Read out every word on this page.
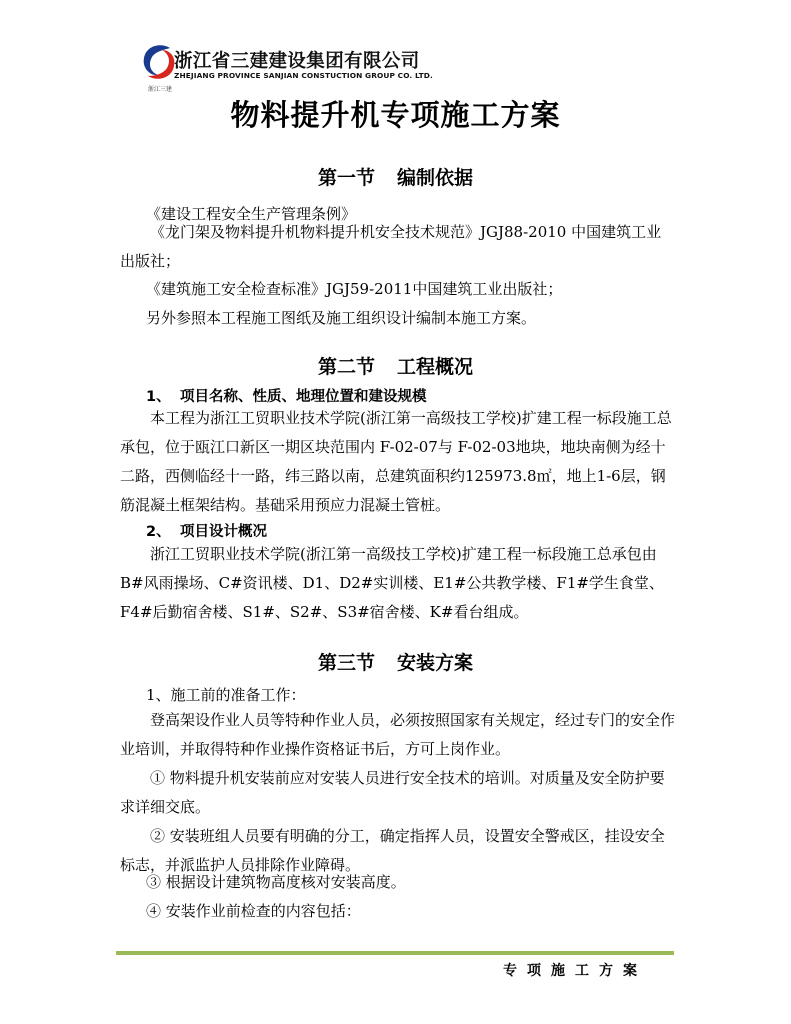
浙江三建
浙江省三建建设集团有限公司
ZHEJIANG PROVINCE SANJIAN CONSTUCTION GROUP CO. LTD.
物料提升机专项施工方案
第一节 编制依据
《建设工程安全生产管理条例》

《龙门架及物料提升机物料提升机安全技术规范》JGJ88-2010 中国建筑工业出版社；

《建筑施工安全检查标准》JGJ59-2011中国建筑工业出版社；
另外参照本工程施工图纸及施工组织设计编制本施工方案。
第二节 工程概况
1、 项目名称、性质、地理位置和建设规模

本工程为浙江工贸职业技术学院(浙江第一高级技工学校)扩建工程一标段施工总承包，位于瓯江口新区一期区块范围内 F-02-07与 F-02-03地块，地块南侧为经十二路，西侧临经十一路，纬三路以南，总建筑面积约125973.8㎡，地上1-6层，钢筋混凝土框架结构。基础采用预应力混凝土管桩。

2、 项目设计概况

浙江工贸职业技术学院(浙江第一高级技工学校)扩建工程一标段施工总承包由B#风雨操场、C#资讯楼、D1、D2#实训楼、E1#公共教学楼、F1#学生食堂、F4#后勤宿舍楼、S1#、S2#、S3#宿舍楼、K#看台组成。

第三节 安装方案
1、施工前的准备工作：

登高架设作业人员等特种作业人员，必须按照国家有关规定，经过专门的安全作业培训，并取得特种作业操作资格证书后，方可上岗作业。

① 物料提升机安装前应对安装人员进行安全技术的培训。对质量及安全防护要求详细交底。

② 安装班组人员要有明确的分工，确定指挥人员，设置安全警戒区，挂设安全标志，并派监护人员排除作业障碍。

③ 根据设计建筑物高度核对安装高度。
④ 安装作业前检查的内容包括：
专项施工方案
